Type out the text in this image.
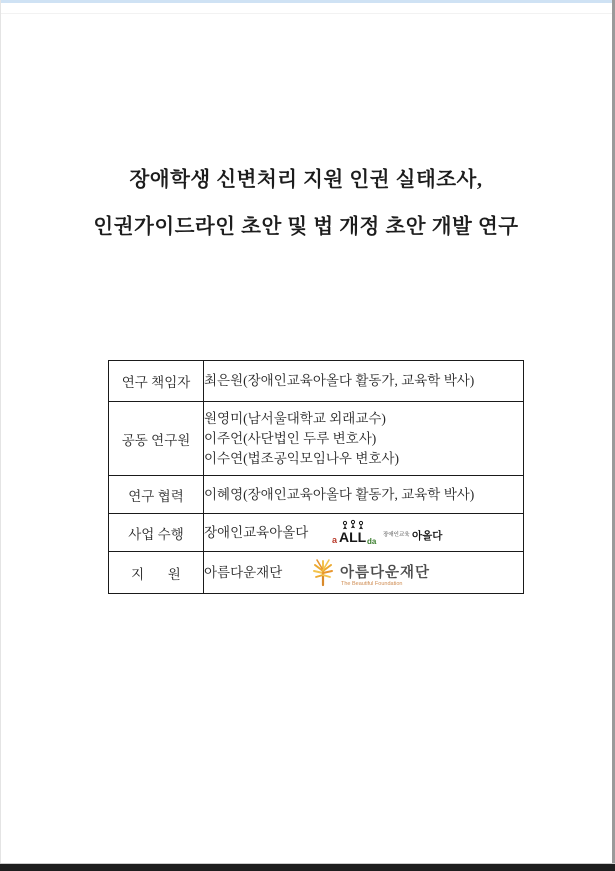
장애학생 신변처리 지원 인권 실태조사,
인권가이드라인 초안 및 법 개정 초안 개발 연구
연구 책임자	최은원(장애인교육아올다 활동가, 교육학 박사)

공동 연구원	원영미(남서울대학교 외래교수)
이주언(사단법인 두루 변호사)
이수연(법조공익모임나우 변호사)

연구 협력	이혜영(장애인교육아올다 활동가, 교육학 박사)

사업 수행	장애인교육아올다	a ALL da
장애인교육 아올다

지       원	아름다운재단 아름다운재단
The Beautiful Foundation
